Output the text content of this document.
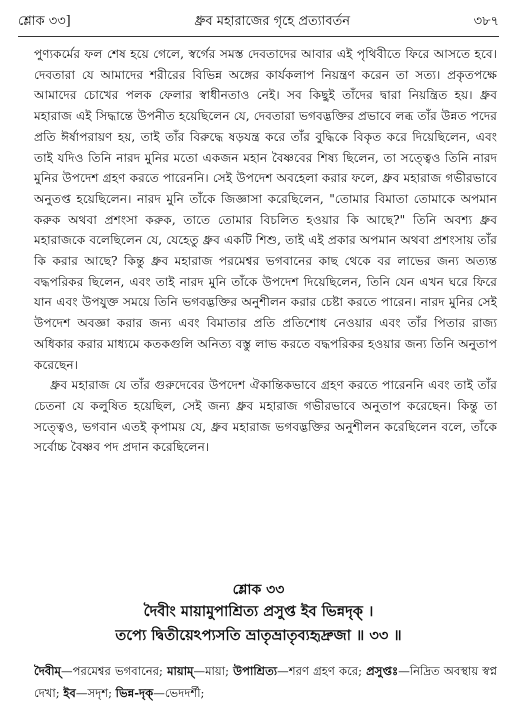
শ্লোক ৩৩]	ধ্রুব মহারাজের গৃহে প্রত্যাবর্তন	৩৮৭

পুণ্যকর্মের ফল শেষ হয়ে গেলে, স্বর্গের সমস্ত দেবতাদের আবার এই পৃথিবীতে ফিরে আসতে হবে। দেবতারা যে আমাদের শরীরের বিভিন্ন অঙ্গের কার্যকলাপ নিয়ন্ত্রণ করেন তা সত্য। প্রকৃতপক্ষে আমাদের চোখের পলক ফেলার স্বাধীনতাও নেই। সব কিছুই তাঁদের দ্বারা নিয়ন্ত্রিত হয়। ধ্রুব মহারাজ এই সিদ্ধান্তে উপনীত হয়েছিলেন যে, দেবতারা ভগবদ্ভক্তির প্রভাবে লব্ধ তাঁর উন্নত পদের প্রতি ঈর্ষাপরায়ণ হয়, তাই তাঁর বিরুদ্ধে ষড়যন্ত্র করে তাঁর বুদ্ধিকে বিকৃত করে দিয়েছিলেন, এবং তাই যদিও তিনি নারদ মুনির মতো একজন মহান বৈষ্ণবের শিষ্য ছিলেন, তা সত্ত্বেও তিনি নারদ মুনির উপদেশ গ্রহণ করতে পারেননি। সেই উপদেশ অবহেলা করার ফলে, ধ্রুব মহারাজ গভীরভাবে অনুতপ্ত হয়েছিলেন। নারদ মুনি তাঁকে জিজ্ঞাসা করেছিলেন, "তোমার বিমাতা তোমাকে অপমান করুক অথবা প্রশংসা করুক, তাতে তোমার বিচলিত হওয়ার কি আছে?" তিনি অবশ্য ধ্রুব মহারাজকে বলেছিলেন যে, যেহেতু ধ্রুব একটি শিশু, তাই এই প্রকার অপমান অথবা প্রশংসায় তাঁর কি করার আছে? কিন্তু ধ্রুব মহারাজ পরমেশ্বর ভগবানের কাছ থেকে বর লাভের জন্য অত্যন্ত বদ্ধপরিকর ছিলেন, এবং তাই নারদ মুনি তাঁকে উপদেশ দিয়েছিলেন, তিনি যেন এখন ঘরে ফিরে যান এবং উপযুক্ত সময়ে তিনি ভগবদ্ভক্তির অনুশীলন করার চেষ্টা করতে পারেন। নারদ মুনির সেই উপদেশ অবজ্ঞা করার জন্য এবং বিমাতার প্রতি প্রতিশোধ নেওয়ার এবং তাঁর পিতার রাজ্য অধিকার করার মাধ্যমে কতকগুলি অনিত্য বস্তু লাভ করতে বদ্ধপরিকর হওয়ার জন্য তিনি অনুতাপ করেছেন।

ধ্রুব মহারাজ যে তাঁর গুরুদেবের উপদেশ ঐকান্তিকভাবে গ্রহণ করতে পারেননি এবং তাই তাঁর চেতনা যে কলুষিত হয়েছিল, সেই জন্য ধ্রুব মহারাজ গভীরভাবে অনুতাপ করেছেন। কিন্তু তা সত্ত্বেও, ভগবান এতই কৃপাময় যে, ধ্রুব মহারাজ ভগবদ্ভক্তির অনুশীলন করেছিলেন বলে, তাঁকে সর্বোচ্চ বৈষ্ণব পদ প্রদান করেছিলেন।

শ্লোক ৩৩
দৈবীং মায়ামুপাশ্রিত্য প্রসুপ্ত ইব ভিন্নদৃক্‌ ।
তপ্যে দ্বিতীয়েঽপ্যসতি ভ্রাতৃভ্রাতৃব্যহৃদ্রুজা ॥ ৩৩ ॥
দৈবীম্‌—পরমেশ্বর ভগবানের; মায়াম্‌—মায়া; উপাশ্রিত্য—শরণ গ্রহণ করে; প্রসুপ্তঃ—নিদ্রিত অবস্থায় স্বপ্ন দেখা; ইব—সদৃশ; ভিন্ন-দৃক্‌—ভেদদর্শী;
